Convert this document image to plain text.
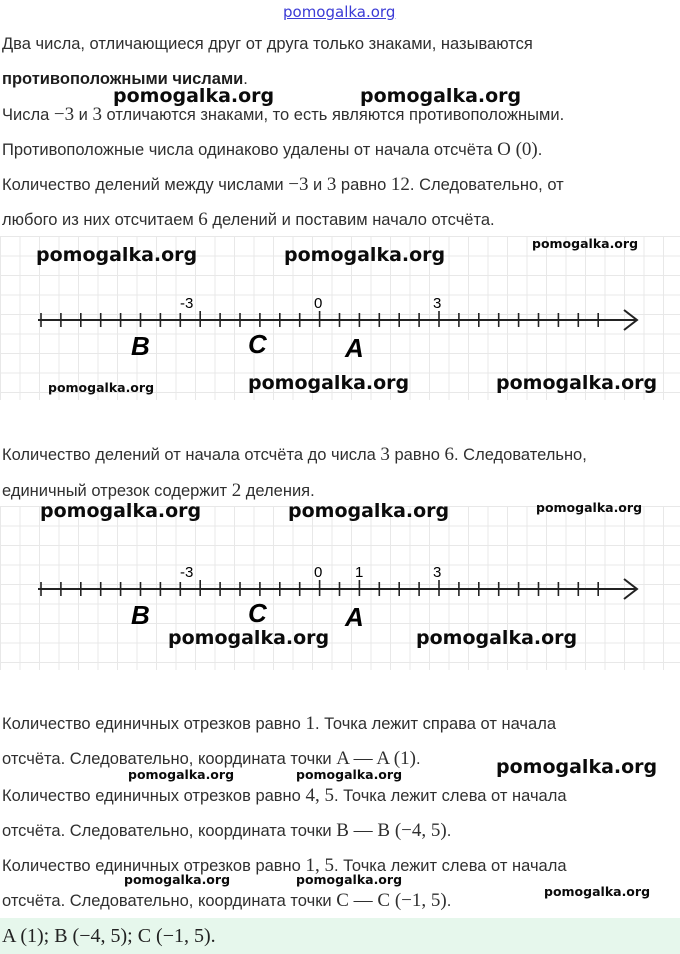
pomogalka.org
Два числа, отличающиеся друг от друга только знаками, называются
противоположными числами.
Числа −3 и 3 отличаются знаками, то есть являются противоположными.
Противоположные числа одинаково удалены от начала отсчёта O (0).
Количество делений между числами −3 и 3 равно 12. Следовательно, от
любого из них отсчитаем 6 делений и поставим начало отсчёта.
-3	0	3
B	C	A
Количество делений от начала отсчёта до числа 3 равно 6. Следовательно,
единичный отрезок содержит 2 деления.
-3	0 1	3
B	C	A
Количество единичных отрезков равно 1. Точка лежит справа от начала
отсчёта. Следовательно, координата точки A — A (1).
Количество единичных отрезков равно 4, 5. Точка лежит слева от начала
отсчёта. Следовательно, координата точки B — B (−4, 5).
Количество единичных отрезков равно 1, 5. Точка лежит слева от начала
отсчёта. Следовательно, координата точки C — C (−1, 5).
A (1); B (−4, 5); C (−1, 5).
pomogalka.org	pomogalka.org
pomogalka.org	pomogalka.org
pomogalka.org
pomogalka.org	pomogalka.org	pomogalka.org
pomogalka.org	pomogalka.org	pomogalka.org
pomogalka.org	pomogalka.org
pomogalka.org	pomogalka.org	pomogalka.org
pomogalka.org	pomogalka.org
pomogalka.org
